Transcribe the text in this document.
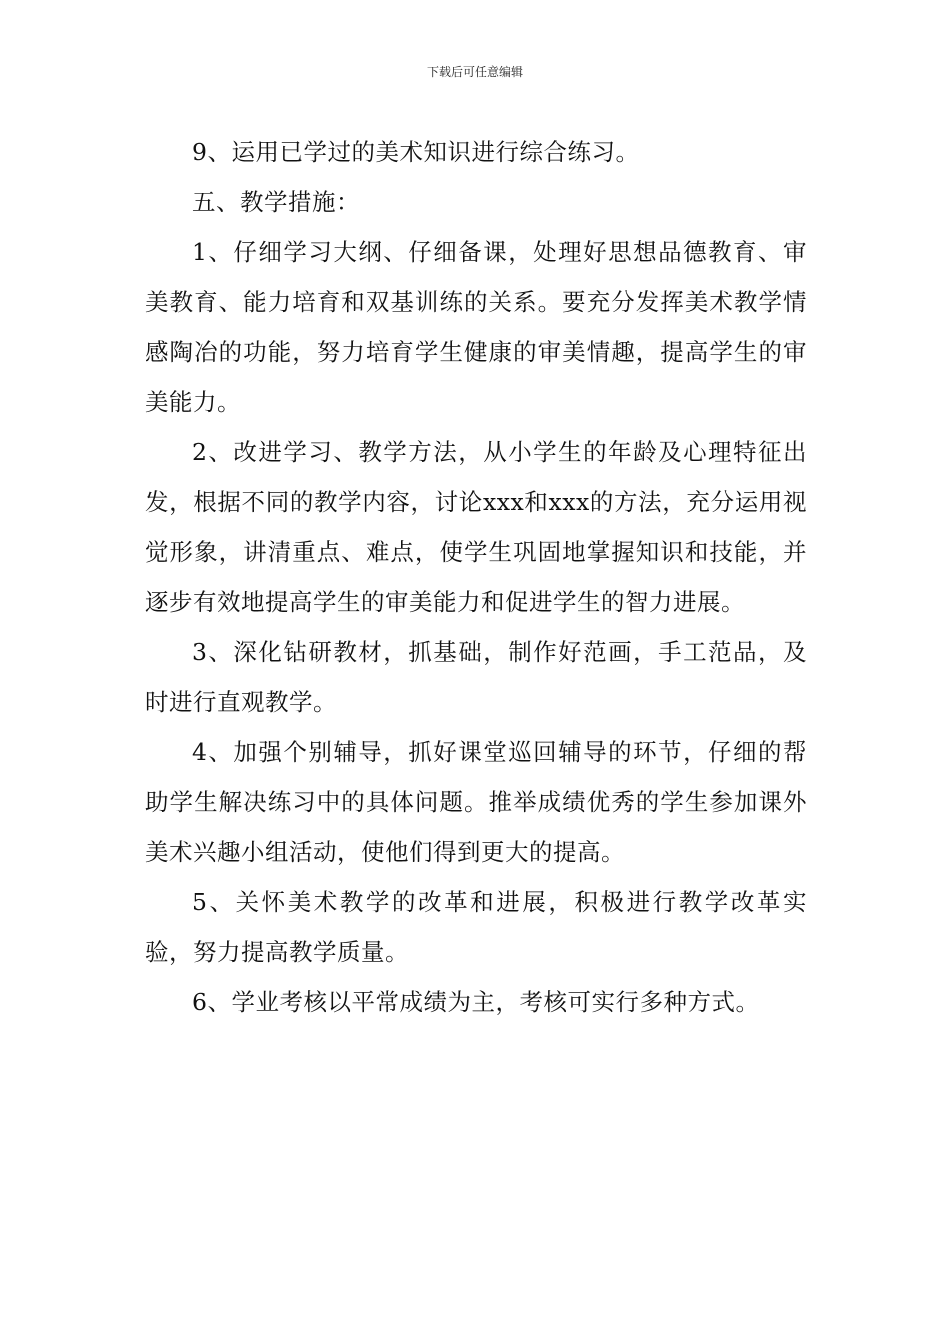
下载后可任意编辑

9、运用已学过的美术知识进行综合练习。

五、教学措施：

1、仔细学习大纲、仔细备课，处理好思想品德教育、审美教育、能力培育和双基训练的关系。要充分发挥美术教学情感陶冶的功能，努力培育学生健康的审美情趣，提高学生的审美能力。

2、改进学习、教学方法，从小学生的年龄及心理特征出发，根据不同的教学内容，讨论xxx和xxx的方法，充分运用视觉形象，讲清重点、难点，使学生巩固地掌握知识和技能，并逐步有效地提高学生的审美能力和促进学生的智力进展。

3、深化钻研教材，抓基础，制作好范画，手工范品，及时进行直观教学。

4、加强个别辅导，抓好课堂巡回辅导的环节，仔细的帮助学生解决练习中的具体问题。推举成绩优秀的学生参加课外美术兴趣小组活动，使他们得到更大的提高。

5、关怀美术教学的改革和进展，积极进行教学改革实验，努力提高教学质量。

6、学业考核以平常成绩为主，考核可实行多种方式。
